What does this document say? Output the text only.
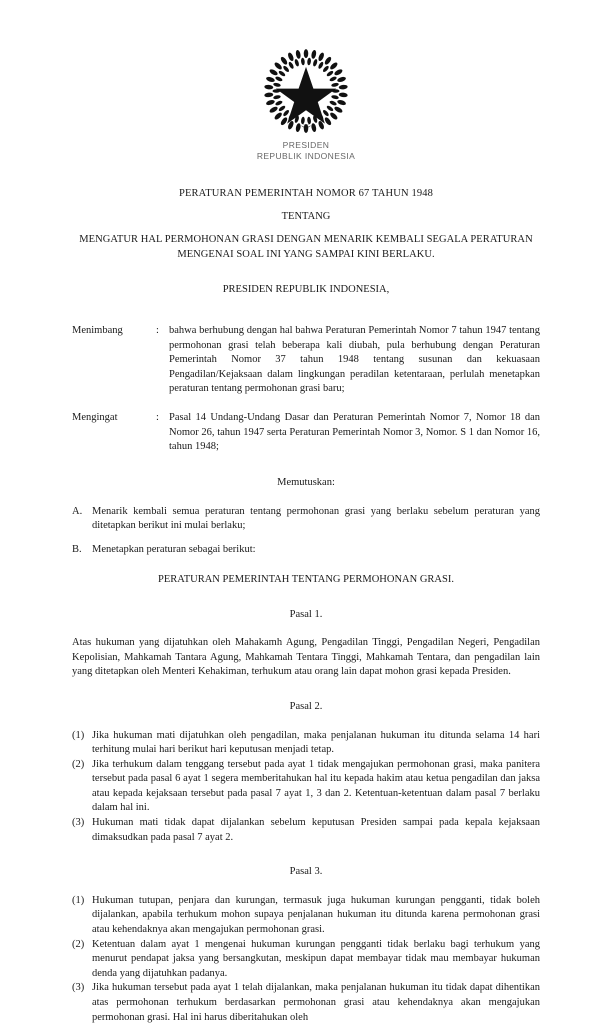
PRESIDEN
REPUBLIK INDONESIA
PERATURAN PEMERINTAH NOMOR 67 TAHUN 1948
TENTANG
MENGATUR HAL PERMOHONAN GRASI DENGAN MENARIK KEMBALI SEGALA PERATURAN
MENGENAI SOAL INI YANG SAMPAI KINI BERLAKU.
PRESIDEN REPUBLIK INDONESIA,
Menimbang	: bahwa berhubung dengan hal bahwa Peraturan Pemerintah Nomor 7 tahun 1947 tentang permohonan grasi telah beberapa kali diubah, pula berhubung dengan Peraturan Pemerintah Nomor 37 tahun 1948 tentang susunan dan kekuasaan Pengadilan/Kejaksaan dalam lingkungan peradilan ketentaraan, perlulah menetapkan peraturan tentang permohonan grasi baru;
Mengingat	: Pasal 14 Undang-Undang Dasar dan Peraturan Pemerintah Nomor 7, Nomor 18 dan Nomor 26, tahun 1947 serta Peraturan Pemerintah Nomor 3, Nomor. S 1 dan Nomor 16, tahun 1948;
Memutuskan:
A. Menarik kembali semua peraturan tentang permohonan grasi yang berlaku sebelum peraturan yang ditetapkan berikut ini mulai berlaku;
B. Menetapkan peraturan sebagai berikut:
PERATURAN PEMERINTAH TENTANG PERMOHONAN GRASI.
Pasal 1.
Atas hukuman yang dijatuhkan oleh Mahakamh Agung, Pengadilan Tinggi, Pengadilan Negeri, Pengadilan Kepolisian, Mahkamah Tantara Agung, Mahkamah Tentara Tinggi, Mahkamah Tentara, dan pengadilan lain yang ditetapkan oleh Menteri Kehakiman, terhukum atau orang lain dapat mohon grasi kepada Presiden.
Pasal 2.
(1) Jika hukuman mati dijatuhkan oleh pengadilan, maka penjalanan hukuman itu ditunda selama 14 hari terhitung mulai hari berikut hari keputusan menjadi tetap.
(2) Jika terhukum dalam tenggang tersebut pada ayat 1 tidak mengajukan permohonan grasi, maka panitera tersebut pada pasal 6 ayat 1 segera memberitahukan hal itu kepada hakim atau ketua pengadilan dan jaksa atau kepada kejaksaan tersebut pada pasal 7 ayat 1, 3 dan 2. Ketentuan-ketentuan dalam pasal 7 berlaku dalam hal ini.
(3) Hukuman mati tidak dapat dijalankan sebelum keputusan Presiden sampai pada kepala kejaksaan dimaksudkan pada pasal 7 ayat 2.
Pasal 3.
(1) Hukuman tutupan, penjara dan kurungan, termasuk juga hukuman kurungan pengganti, tidak boleh dijalankan, apabila terhukum mohon supaya penjalanan hukuman itu ditunda karena permohonan grasi atau kehendaknya akan mengajukan permohonan grasi.
(2) Ketentuan dalam ayat 1 mengenai hukuman kurungan pengganti tidak berlaku bagi terhukum yang menurut pendapat jaksa yang bersangkutan, meskipun dapat membayar tidak mau membayar hukuman denda yang dijatuhkan padanya.
(3) Jika hukuman tersebut pada ayat 1 telah dijalankan, maka penjalanan hukuman itu tidak dapat dihentikan atas permohonan terhukum berdasarkan permohonan grasi atau kehendaknya akan mengajukan permohonan grasi. Hal ini harus diberitahukan oleh
